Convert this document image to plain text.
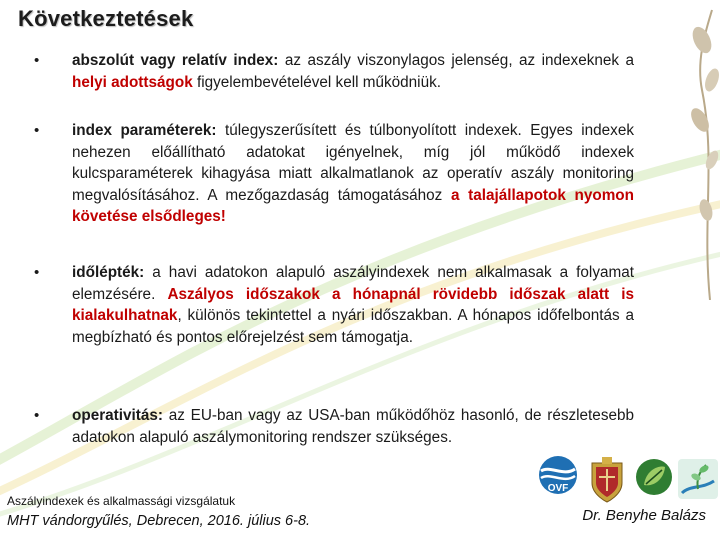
Következtetések
• abszolút vagy relatív index: az aszály viszonylagos jelenség, az indexeknek a helyi adottságok figyelembevételével kell működniük.
• index paraméterek: túlegyszerűsített és túlbonyolított indexek. Egyes indexek nehezen előállítható adatokat igényelnek, míg jól működő indexek kulcsparaméterek kihagyása miatt alkalmatlanok az operatív aszály monitoring megvalósításához. A mezőgazdaság támogatásához a talajállapotok nyomon követése elsődleges!
• időlépték: a havi adatokon alapuló aszályindexek nem alkalmasak a folyamat elemzésére. Aszályos időszakok a hónapnál rövidebb időszak alatt is kialakulhatnak, különös tekintettel a nyári időszakban. A hónapos időfelbontás a megbízható és pontos előrejelzést sem támogatja.
• operativitás: az EU-ban vagy az USA-ban működőhöz hasonló, de részletesebb adatokon alapuló aszálymonitoring rendszer szükséges.
OVF
Aszályindexek és alkalmassági vizsgálatuk
MHT vándorgyűlés, Debrecen, 2016. július 6-8.	Dr. Benyhe Balázs
